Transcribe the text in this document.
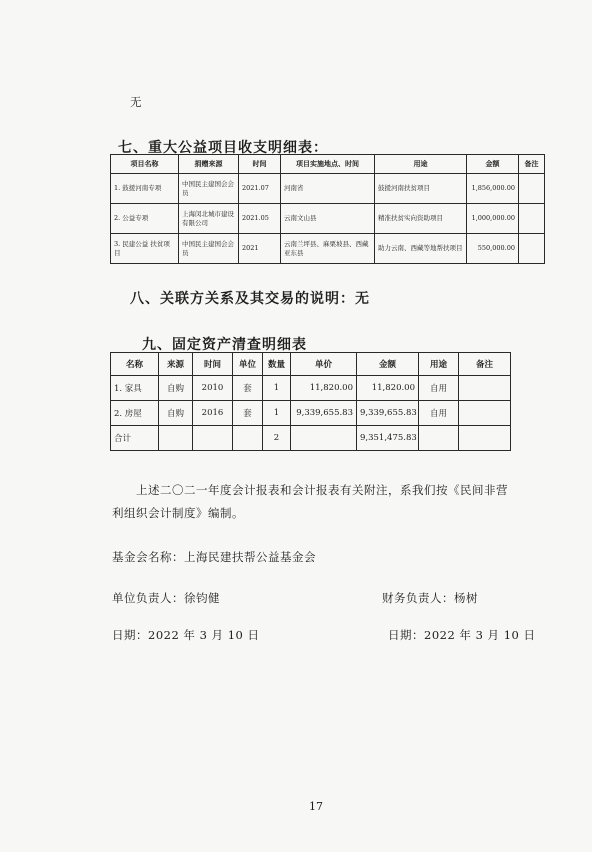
无
七、重大公益项目收支明细表：
项目名称	捐赠来源	时间	项目实施地点、时间	用途	金额	备注
1. 鼓援河南专项	中国民主建国会会员	2021.07	河南省	鼓援河南扶贫项目	1,856,000.00	
2. 公益专项	上海闵北城市建设有限公司	2021.05	云南文山县	精准扶贫实向资助项目	1,000,000.00	
3. 民建公益 扶贫项目	中国民主建国会会员	2021	云南兰坪县、麻栗坡县、西藏亚东县	助力云南、西藏等地帮扶项目	550,000.00	
八、关联方关系及其交易的说明：无
九、固定资产清查明细表
名称	来源	时间	单位	数量	单价	金额	用途	备注
1. 家具	自购	2010	套	1	11,820.00	11,820.00	自用	
2. 房屋	自购	2016	套	1	9,339,655.83	9,339,655.83	自用	
合计				2		9,351,475.83		
上述二〇二一年度会计报表和会计报表有关附注，系我们按《民间非营
利组织会计制度》编制。
基金会名称：上海民建扶帮公益基金会
单位负责人：徐钧健	财务负责人：杨树
日期：2022 年 3 月 10 日	日期：2022 年 3 月 10 日
17
